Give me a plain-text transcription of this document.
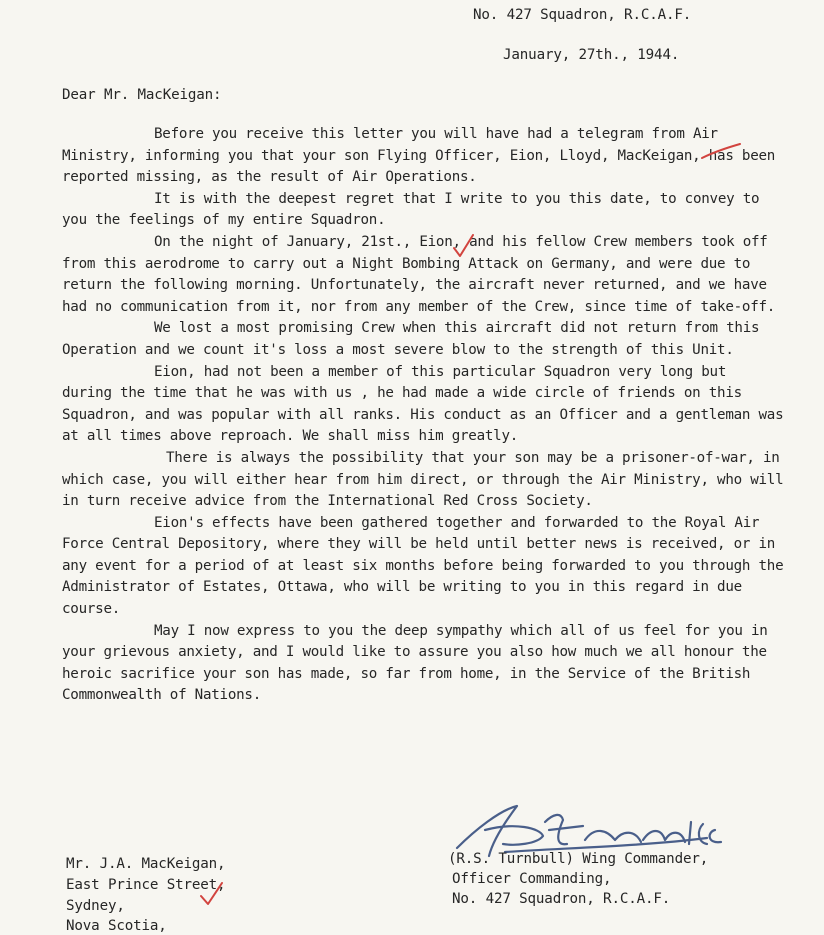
No. 427 Squadron, R.C.A.F.
January, 27th., 1944.
Dear Mr. MacKeigan:

Before you receive this letter you will have had a telegram from Air Ministry, informing you that your son Flying Officer, Eion, Lloyd, MacKeigan, has been reported missing, as the result of Air Operations.

It is with the deepest regret that I write to you this date, to convey to you the feelings of my entire Squadron.

On the night of January, 21st., Eion, and his fellow Crew members took off from this aerodrome to carry out a Night Bombing Attack on Germany, and were due to return the following morning. Unfortunately, the aircraft never returned, and we have had no communication from it, nor from any member of the Crew, since time of take-off.

We lost a most promising Crew when this aircraft did not return from this Operation and we count it's loss a most severe blow to the strength of this Unit.

Eion, had not been a member of this particular Squadron very long but during the time that he was with us , he had made a wide circle of friends on this Squadron, and was popular with all ranks. His conduct as an Officer and a gentleman was at all times above reproach. We shall miss him greatly.

There is always the possibility that your son may be a prisoner-of-war, in which case, you will either hear from him direct, or through the Air Ministry, who will in turn receive advice from the International Red Cross Society.

Eion's effects have been gathered together and forwarded to the Royal Air Force Central Depository, where they will be held until better news is received, or in any event for a period of at least six months before being forwarded to you through the Administrator of Estates, Ottawa, who will be writing to you in this regard in due course.

May I now express to you the deep sympathy which all of us feel for you in your grievous anxiety, and I would like to assure you also how much we all honour the heroic sacrifice your son has made, so far from home, in the Service of the British Commonwealth of Nations.

Mr. J.A. MacKeigan,
East Prince Street,
Sydney,
Nova Scotia,
(R.S. Turnbull) Wing Commander,
Officer Commanding,
No. 427 Squadron, R.C.A.F.
